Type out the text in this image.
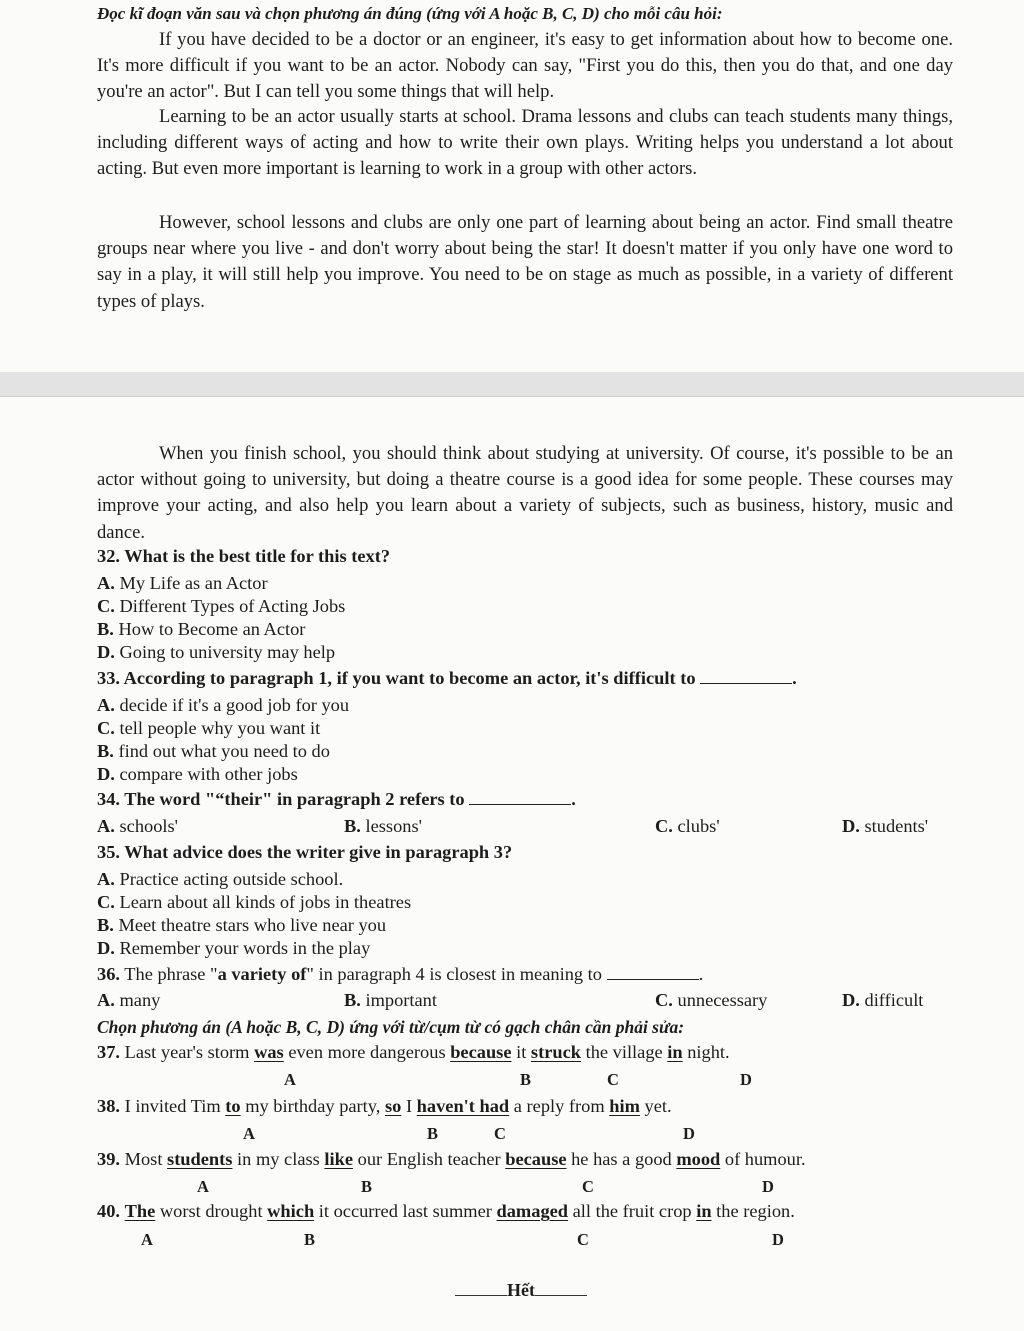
Đọc kĩ đoạn văn sau và chọn phương án đúng (ứng với A hoặc B, C, D) cho mỗi câu hỏi:

If you have decided to be a doctor or an engineer, it's easy to get information about how to become one. It's more difficult if you want to be an actor. Nobody can say, "First you do this, then you do that, and one day you're an actor". But I can tell you some things that will help.

Learning to be an actor usually starts at school. Drama lessons and clubs can teach students many things, including different ways of acting and how to write their own plays. Writing helps you understand a lot about acting. But even more important is learning to work in a group with other actors.

However, school lessons and clubs are only one part of learning about being an actor. Find small theatre groups near where you live - and don't worry about being the star! It doesn't matter if you only have one word to say in a play, it will still help you improve. You need to be on stage as much as possible, in a variety of different types of plays.

When you finish school, you should think about studying at university. Of course, it's possible to be an actor without going to university, but doing a theatre course is a good idea for some people. These courses may improve your acting, and also help you learn about a variety of subjects, such as business, history, music and dance.

32. What is the best title for this text?
A. My Life as an Actor
C. Different Types of Acting Jobs
B. How to Become an Actor
D. Going to university may help
33. According to paragraph 1, if you want to become an actor, it's difficult to	.
A. decide if it's a good job for you
C. tell people why you want it
B. find out what you need to do
D. compare with other jobs
34. The word "“their" in paragraph 2 refers to	.
A. schools'	B. lessons'	C. clubs'	D. students'
35. What advice does the writer give in paragraph 3?
A. Practice acting outside school.
C. Learn about all kinds of jobs in theatres
B. Meet theatre stars who live near you
D. Remember your words in the play
36. The phrase "a variety of" in paragraph 4 is closest in meaning to	.
A. many	B. important	C. unnecessary	D. difficult
Chọn phương án (A hoặc B, C, D) ứng với từ/cụm từ có gạch chân cần phải sửa:
37. Last year's storm was even more dangerous because it struck the village in night.
A	B	C	D
38. I invited Tim to my birthday party, so I haven't had a reply from him yet.
A	B	C	D
39. Most students in my class like our English teacher because he has a good mood of humour.
A	B	C	D
40. The worst drought which it occurred last summer damaged all the fruit crop in the region.
A	B	C	D
Hết
